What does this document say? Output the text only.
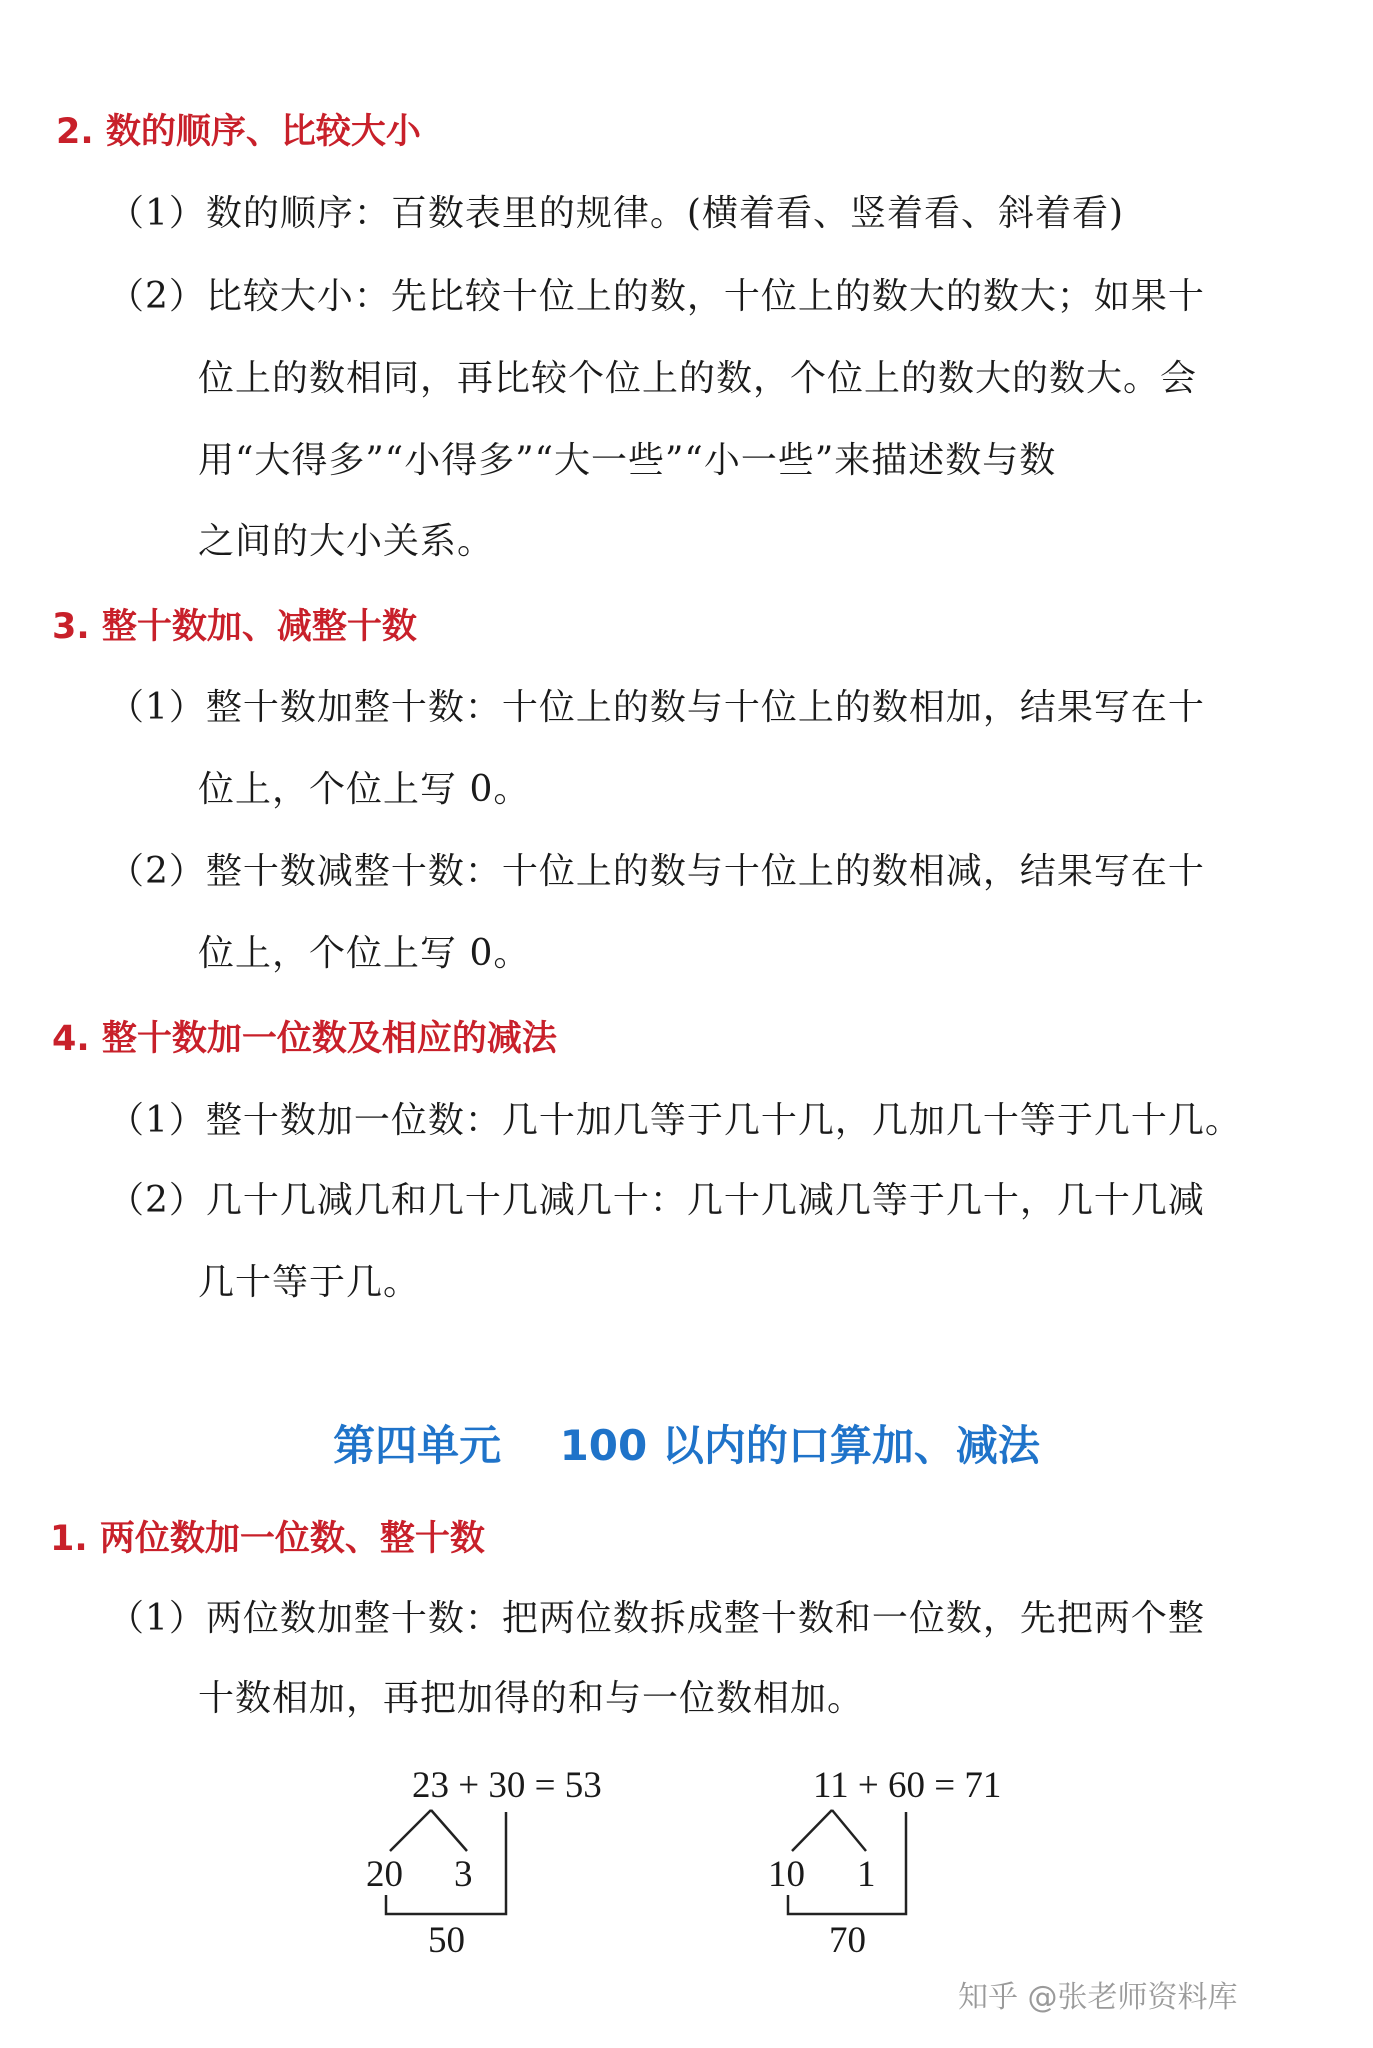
2. 数的顺序、比较大小
（1）数的顺序：百数表里的规律。(横着看、竖着看、斜着看)
（2）比较大小：先比较十位上的数，十位上的数大的数大；如果十
位上的数相同，再比较个位上的数，个位上的数大的数大。会
用“大得多”“小得多”“大一些”“小一些”来描述数与数
之间的大小关系。
3. 整十数加、减整十数
（1）整十数加整十数：十位上的数与十位上的数相加，结果写在十
位上，个位上写 0。
（2）整十数减整十数：十位上的数与十位上的数相减，结果写在十
位上，个位上写 0。
4. 整十数加一位数及相应的减法
（1）整十数加一位数：几十加几等于几十几，几加几十等于几十几。
（2）几十几减几和几十几减几十：几十几减几等于几十，几十几减
几十等于几。
第四单元    100 以内的口算加、减法
1. 两位数加一位数、整十数
（1）两位数加整十数：把两位数拆成整十数和一位数，先把两个整
十数相加，再把加得的和与一位数相加。
23 + 30 = 53
20 3
50
11 + 60 = 71
10 1
70
知乎 @张老师资料库
